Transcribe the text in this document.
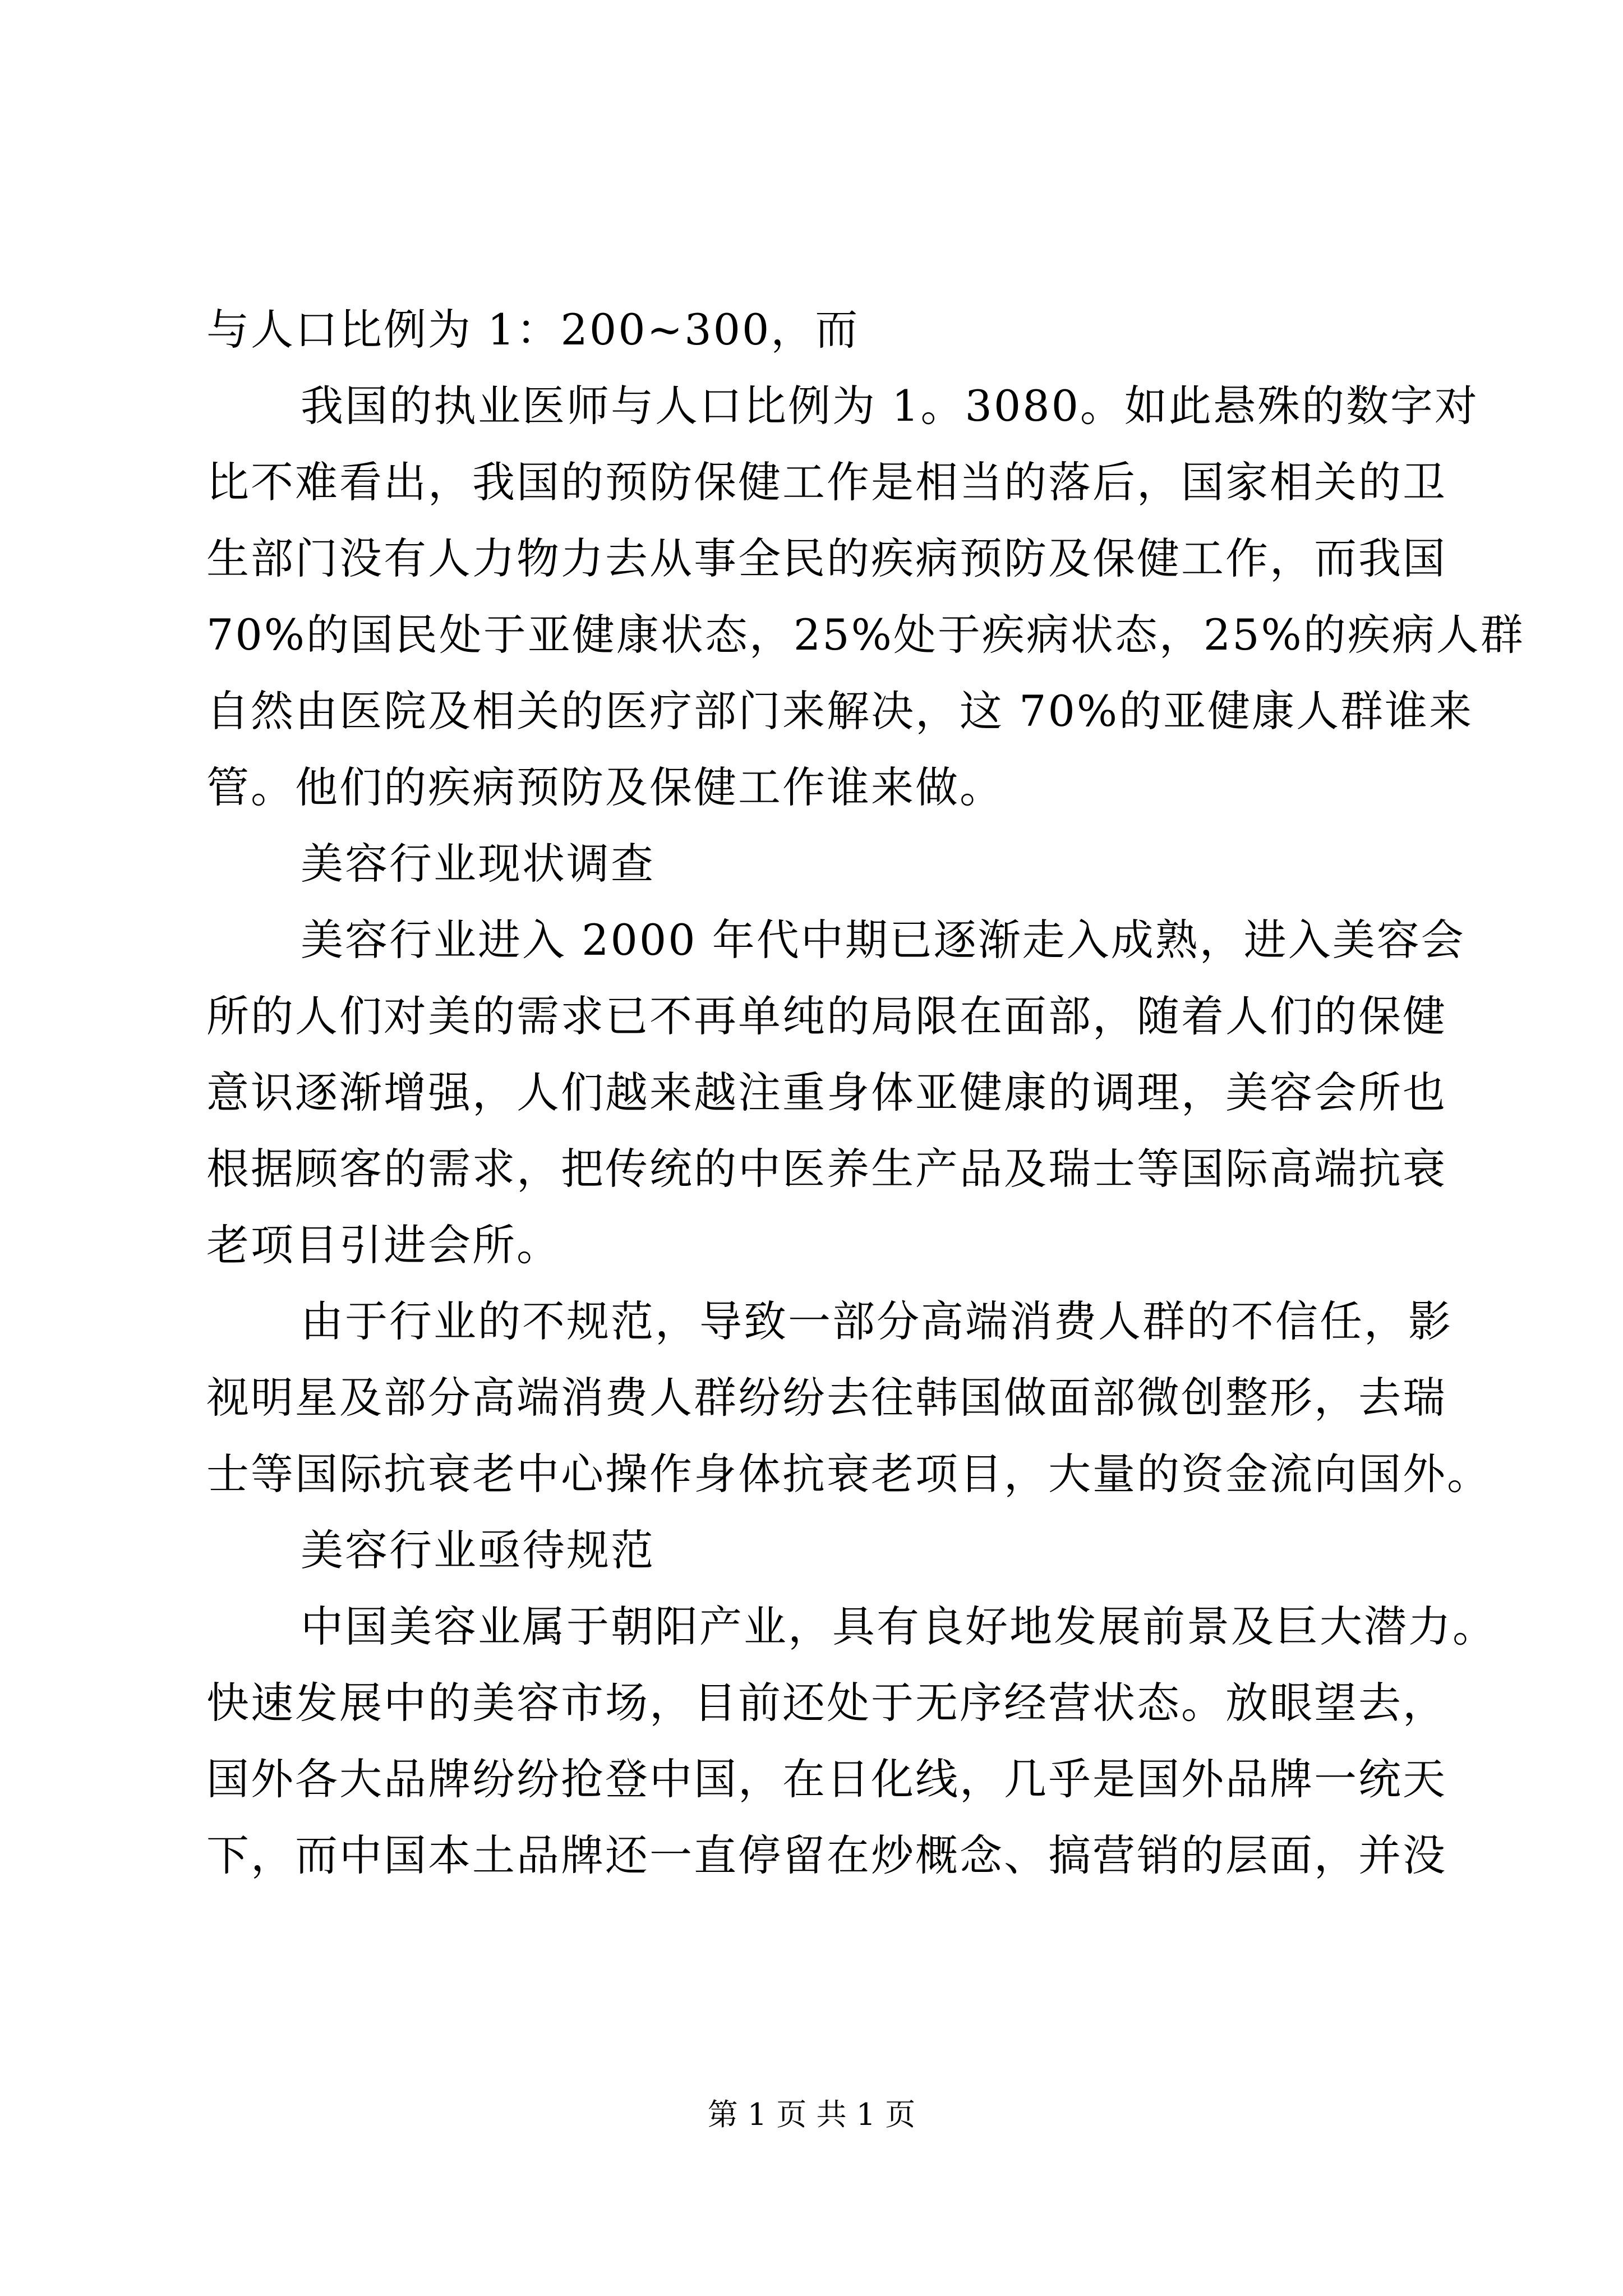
与人口比例为 1：200~300，而
我国的执业医师与人口比例为 1。3080。如此悬殊的数字对
比不难看出，我国的预防保健工作是相当的落后，国家相关的卫
生部门没有人力物力去从事全民的疾病预防及保健工作，而我国
70%的国民处于亚健康状态，25%处于疾病状态，25%的疾病人群
自然由医院及相关的医疗部门来解决，这 70%的亚健康人群谁来
管。他们的疾病预防及保健工作谁来做。
美容行业现状调查
美容行业进入 2000 年代中期已逐渐走入成熟，进入美容会
所的人们对美的需求已不再单纯的局限在面部，随着人们的保健
意识逐渐增强，人们越来越注重身体亚健康的调理，美容会所也
根据顾客的需求，把传统的中医养生产品及瑞士等国际高端抗衰
老项目引进会所。
由于行业的不规范，导致一部分高端消费人群的不信任，影
视明星及部分高端消费人群纷纷去往韩国做面部微创整形，去瑞
士等国际抗衰老中心操作身体抗衰老项目，大量的资金流向国外。
美容行业亟待规范
中国美容业属于朝阳产业，具有良好地发展前景及巨大潜力。
快速发展中的美容市场，目前还处于无序经营状态。放眼望去，
国外各大品牌纷纷抢登中国，在日化线，几乎是国外品牌一统天
下，而中国本土品牌还一直停留在炒概念、搞营销的层面，并没
第 1 页 共 1 页
